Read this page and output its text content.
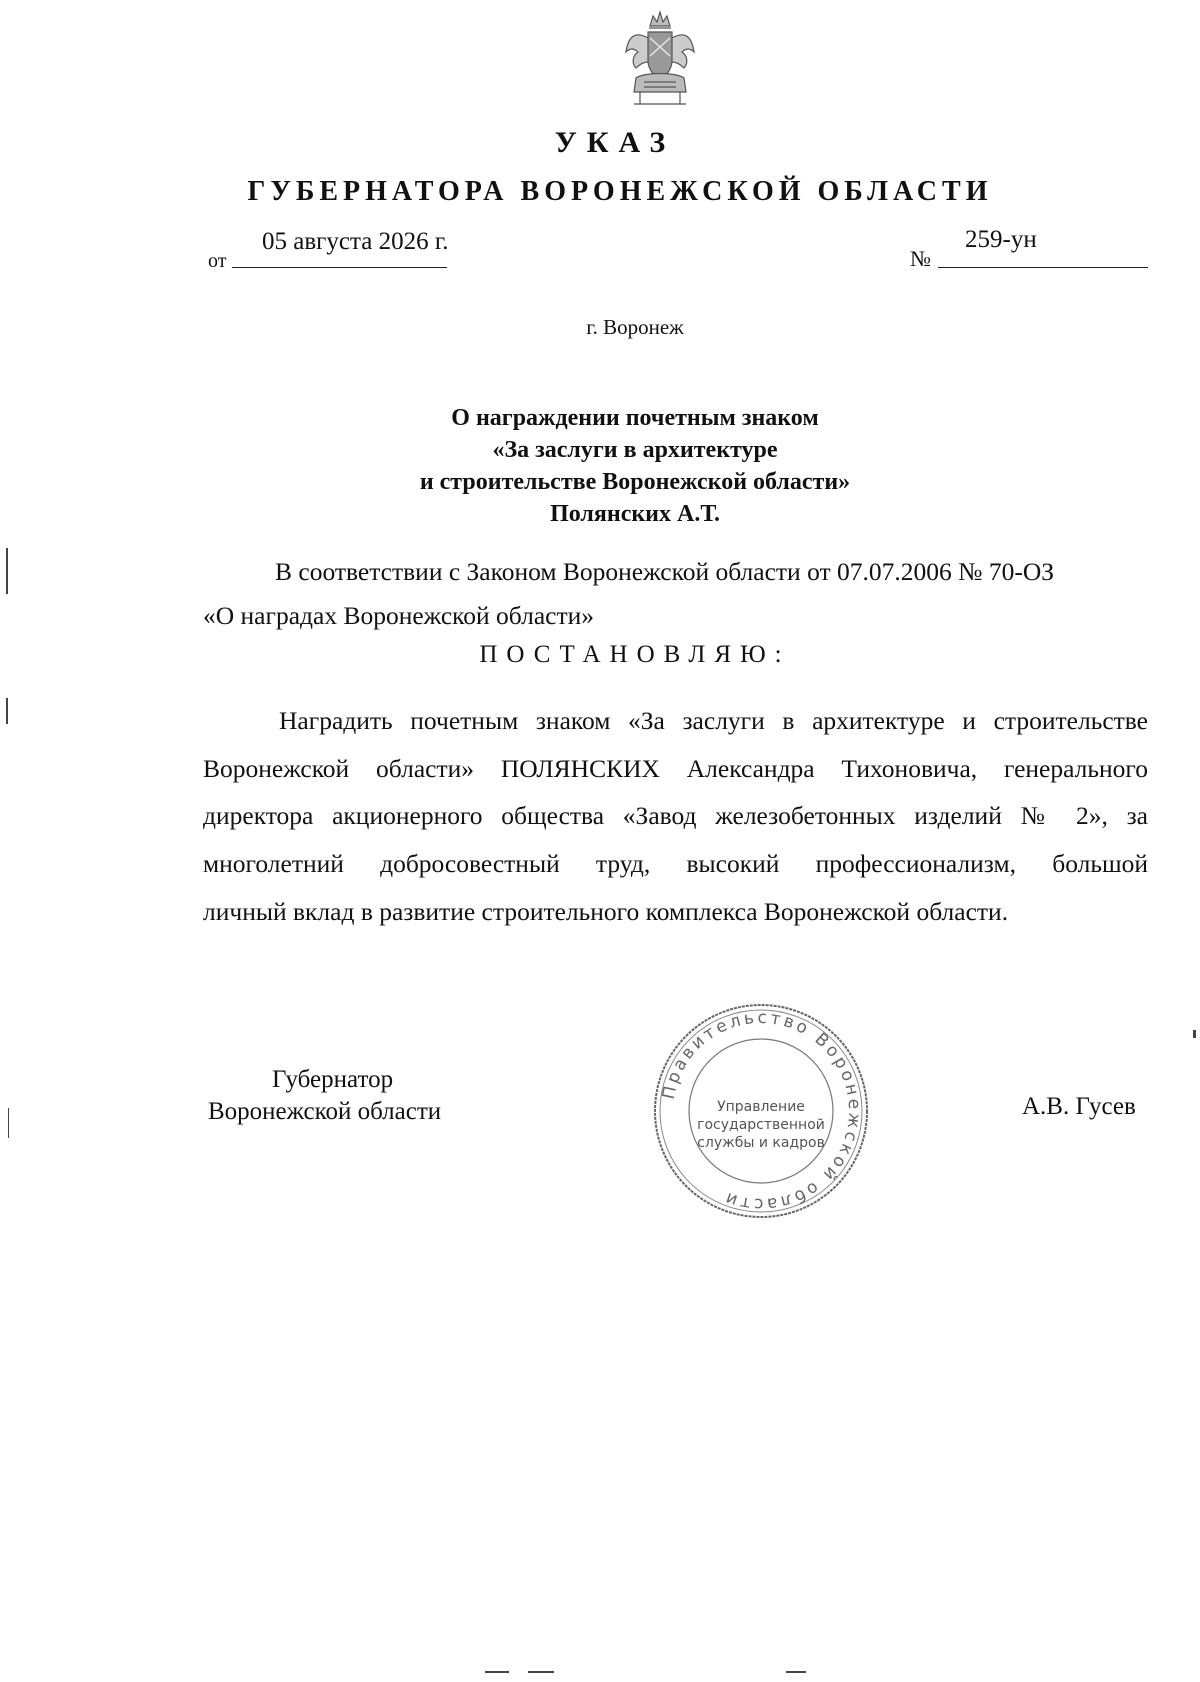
УКАЗ
ГУБЕРНАТОРА ВОРОНЕЖСКОЙ ОБЛАСТИ
от
05 августа 2026 г.
№
259-ун
г. Воронеж
О награждении почетным знаком
«За заслуги в архитектуре
и строительстве Воронежской области»
Полянских А.Т.
В соответствии с Законом Воронежской области от 07.07.2006 № 70-ОЗ
«О наградах Воронежской области»
ПОСТАНОВЛЯЮ:
Наградить почетным знаком «За заслуги в архитектуре и строительстве
Воронежской области» ПОЛЯНСКИХ Александра Тихоновича, генерального
директора акционерного общества «Завод железобетонных изделий № 2», за
многолетний добросовестный труд, высокий профессионализм, большой
личный вклад в развитие строительного комплекса Воронежской области.
Губернатор
Воронежской области	А.В. Гусев
Правительство Воронежской области
Управление
государственной
службы и кадров
